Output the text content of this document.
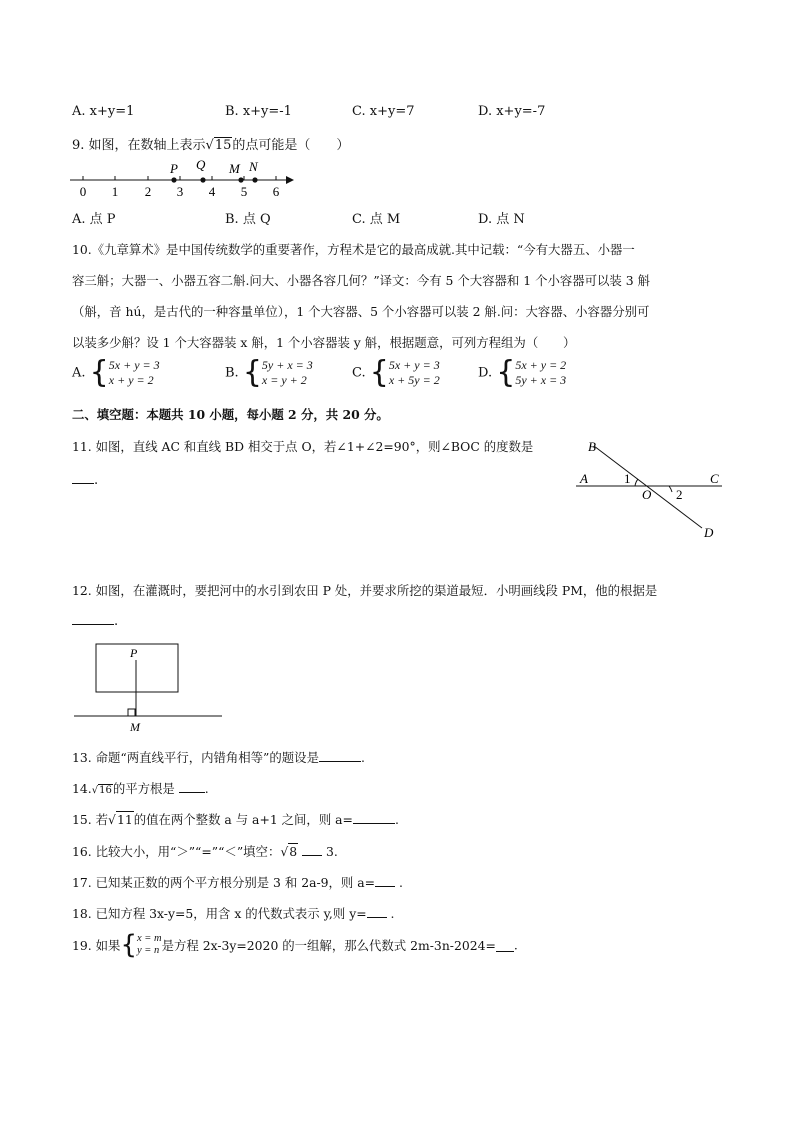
A. x+y=1	B. x+y=-1	C. x+y=7	D. x+y=-7
9. 如图，在数轴上表示√15的点可能是（　　）
0 1 2 3 4 5 6
P Q M N
A. 点 P	B. 点 Q	C. 点 M	D. 点 N
10.《九章算术》是中国传统数学的重要著作，方程术是它的最高成就.其中记载：“今有大器五、小器一
容三斛；大器一、小器五容二斛.问大、小器各容几何？”译文：今有 5 个大容器和 1 个小容器可以装 3 斛
（斛，音 hú，是古代的一种容量单位），1 个大容器、5 个小容器可以装 2 斛.问：大容器、小容器分别可
以装多少斛？设 1 个大容器装 x 斛，1 个小容器装 y 斛，根据题意，可列方程组为（　　）
A. { 5x + y = 3
x + y = 2	B. { 5y + x = 3
x = y + 2	C. { 5x + y = 3
x + 5y = 2	D. { 5x + y = 2
5y + x = 3
二、填空题：本题共 10 小题，每小题 2 分，共 20 分。
11. 如图，直线 AC 和直线 BD 相交于点 O，若∠1+∠2=90°，则∠BOC 的度数是
.
B
A	C
D
O
1
2
12. 如图，在灌溉时，要把河中的水引到农田 P 处，并要求所挖的渠道最短．小明画线段 PM，他的根据是
.
P
M
13. 命题“两直线平行，内错角相等”的题设是	.
14.√16的平方根是 .
15. 若√11的值在两个整数 a 与 a+1 之间，则 a=	.
16. 比较大小，用“＞”“=”“＜”填空：√8 3.
17. 已知某正数的两个平方根分别是 3 和 2a-9，则 a= .
18. 已知方程 3x-y=5，用含 x 的代数式表示 y,则 y= .
19. 如果{ x = m
y = n 是方程 2x-3y=2020 的一组解，那么代数式 2m-3n-2024= .
